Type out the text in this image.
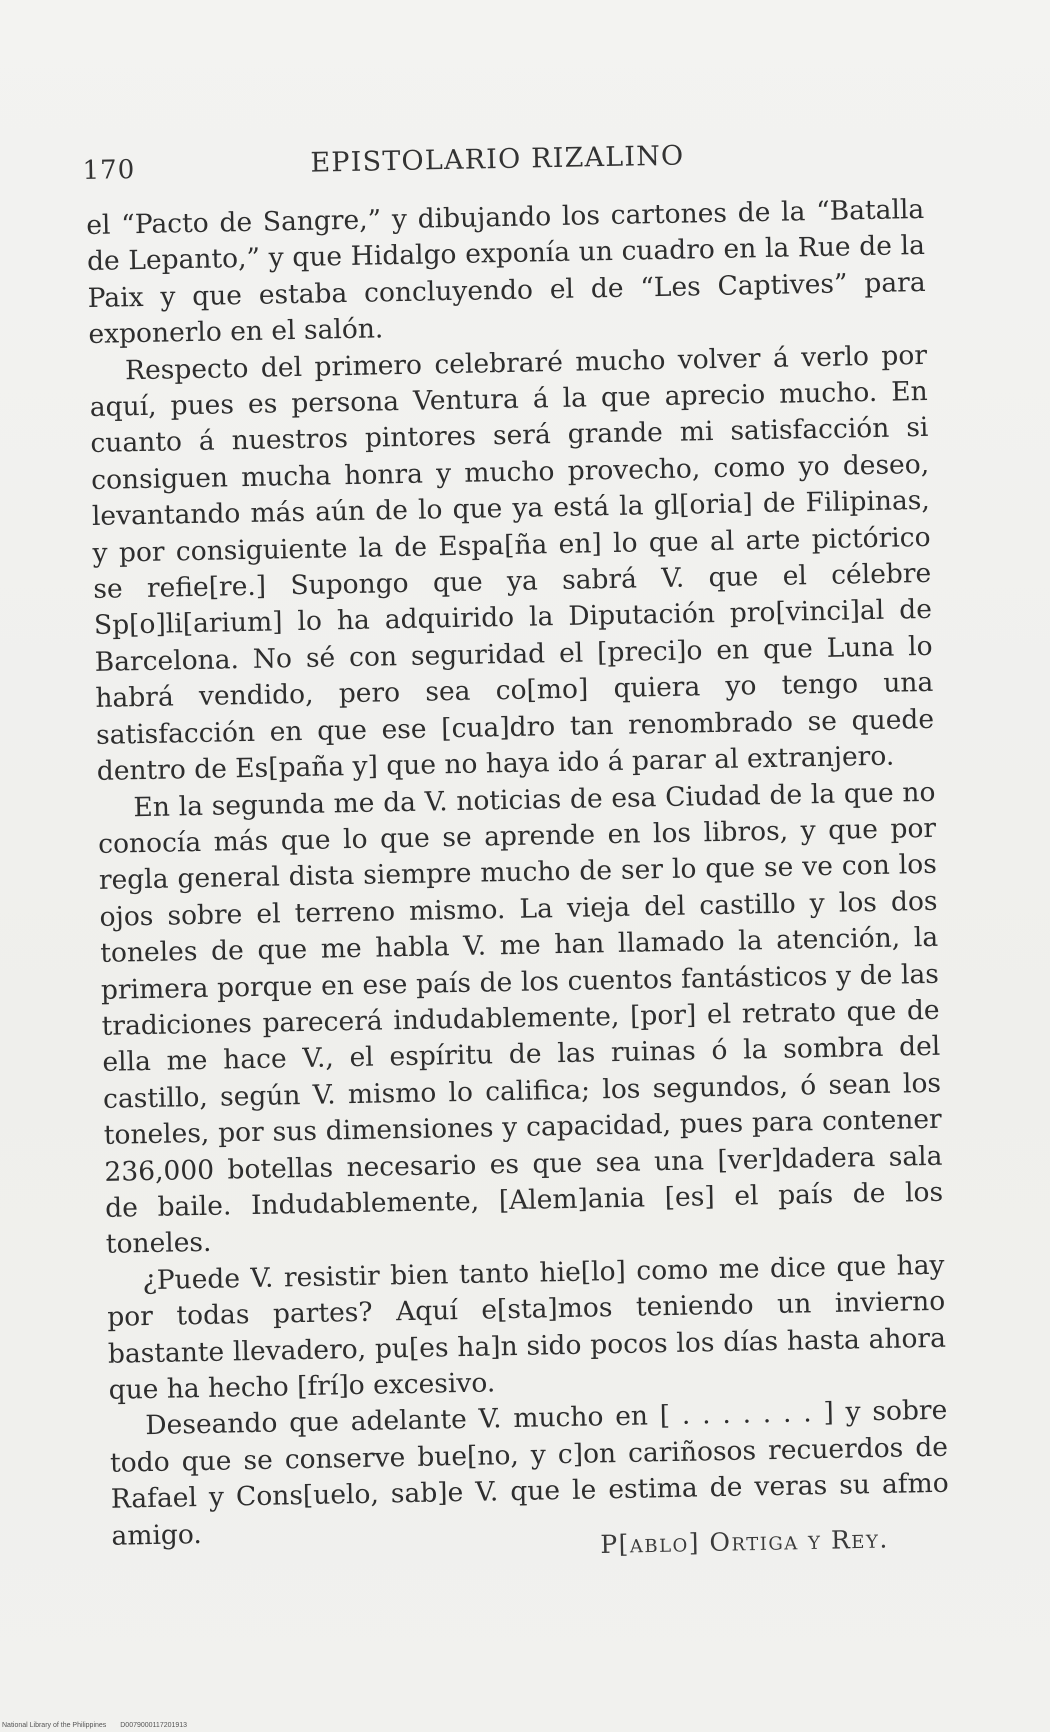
170	EPISTOLARIO RIZALINO

el “Pacto de Sangre,” y dibujando los cartones de la “Batalla de Lepanto,” y que Hidalgo exponía un cuadro en la Rue de la Paix y que estaba concluyendo el de “Les Captives” para exponerlo en el salón.

Respecto del primero celebraré mucho volver á verlo por aquí, pues es persona Ventura á la que aprecio mucho. En cuanto á nuestros pintores será grande mi satisfacción si consiguen mucha honra y mucho provecho, como yo deseo, levantando más aún de lo que ya está la gl[oria] de Filipinas, y por consiguiente la de Espa[ña en] lo que al arte pictórico se refie[re.] Supongo que ya sabrá V. que el célebre Sp[o]li[arium] lo ha adquirido la Diputación pro[vinci]al de Barcelona. No sé con seguridad el [preci]o en que Luna lo habrá vendido, pero sea co[mo] quiera yo tengo una satisfacción en que ese [cua]dro tan renombrado se quede dentro de Es[paña y] que no haya ido á parar al extranjero.

En la segunda me da V. noticias de esa Ciudad de la que no conocía más que lo que se aprende en los libros, y que por regla general dista siempre mucho de ser lo que se ve con los ojos sobre el terreno mismo. La vieja del castillo y los dos toneles de que me habla V. me han llamado la atención, la primera porque en ese país de los cuentos fantásticos y de las tradiciones parecerá indudablemente, [por] el retrato que de ella me hace V., el espíritu de las ruinas ó la sombra del castillo, según V. mismo lo califica; los segundos, ó sean los toneles, por sus dimensiones y capacidad, pues para contener 236,000 botellas necesario es que sea una [ver]dadera sala de baile. Indudablemente, [Alem]ania [es] el país de los toneles.

¿Puede V. resistir bien tanto hie[lo] como me dice que hay por todas partes? Aquí e[sta]mos teniendo un invierno bastante llevadero, pu[es ha]n sido pocos los días hasta ahora que ha hecho [frí]o excesivo.

Deseando que adelante V. mucho en [ . . . . . . . ] y sobre todo que se conserve bue[no, y c]on cariñosos recuerdos de Rafael y Cons[uelo, sab]e V. que le estima de veras su afmo amigo.	P[ablo] Ortiga y Rey.
National Library of the Philippines D0079000117201913
